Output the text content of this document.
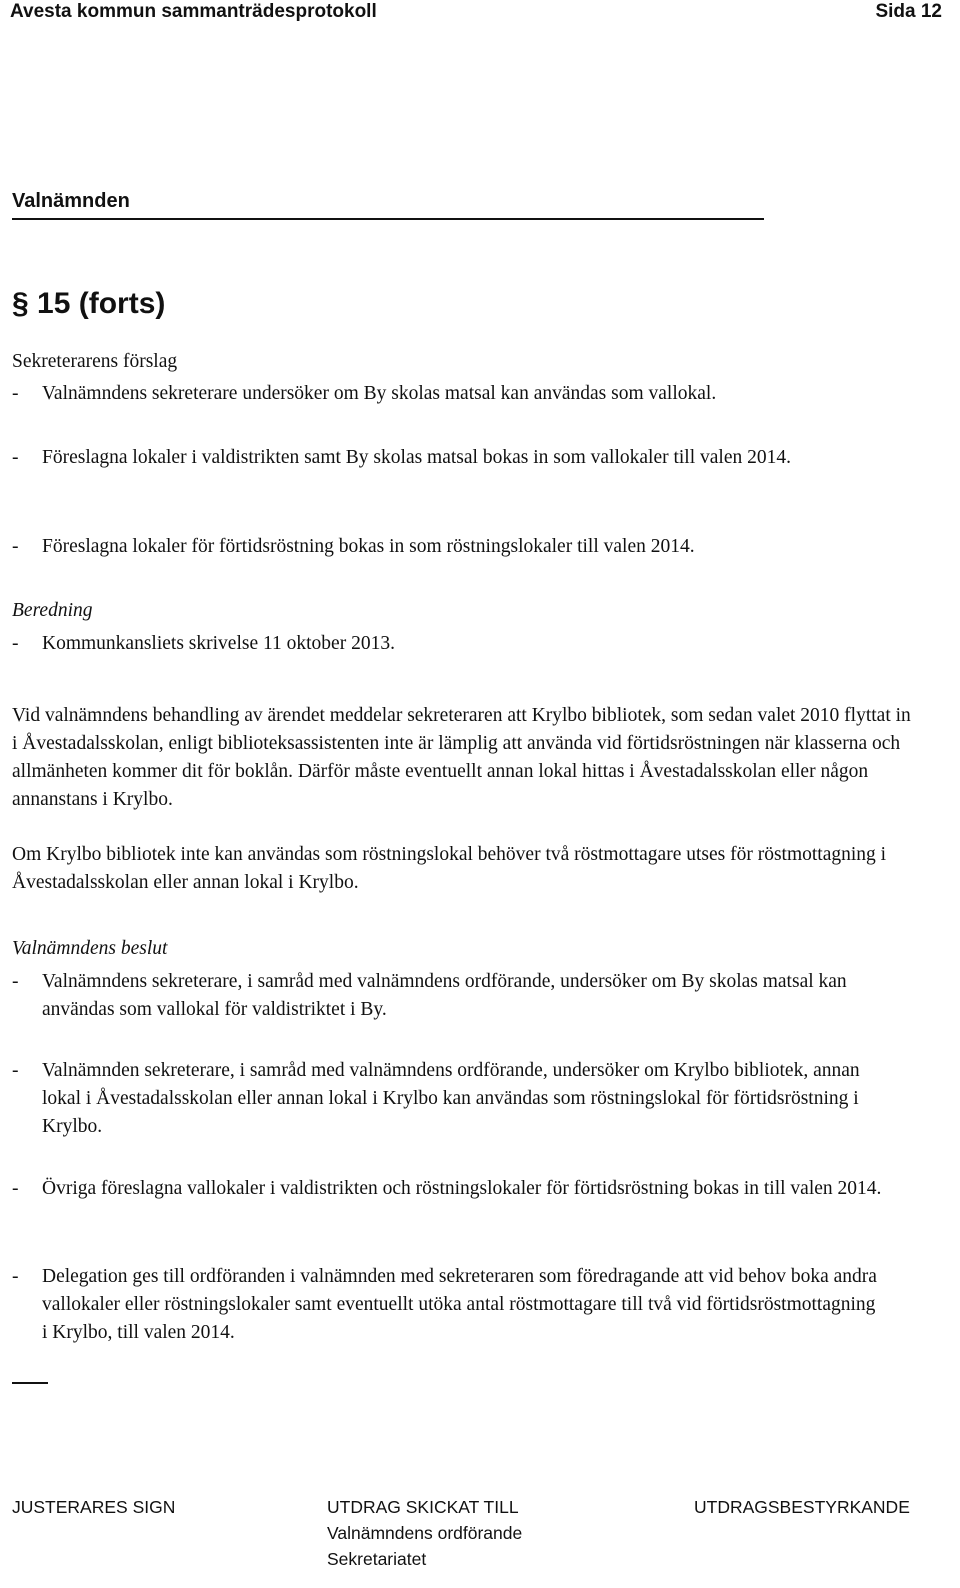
Avesta kommun sammanträdesprotokoll	Sida 12
Valnämnden
§ 15 (forts)
Sekreterarens förslag
- Valnämndens sekreterare undersöker om By skolas matsal kan användas som vallokal.
-	Föreslagna lokaler i valdistrikten samt By skolas matsal bokas in som vallokaler till valen 2014.
- Föreslagna lokaler för förtidsröstning bokas in som röstningslokaler till valen 2014.
Beredning
- Kommunkansliets skrivelse 11 oktober 2013.
Vid valnämndens behandling av ärendet meddelar sekreteraren att Krylbo bibliotek, som sedan valet 2010 flyttat in i Åvestadalsskolan, enligt biblioteksassistenten inte är lämplig att använda vid förtidsröstningen när klasserna och allmänheten kommer dit för boklån. Därför måste eventuellt annan lokal hittas i Åvestadalsskolan eller någon annanstans i Krylbo.
Om Krylbo bibliotek inte kan användas som röstningslokal behöver två röstmottagare utses för röstmottagning i Åvestadalsskolan eller annan lokal i Krylbo.
Valnämndens beslut
- Valnämndens sekreterare, i samråd med valnämndens ordförande, undersöker om By skolas matsal kan användas som vallokal för valdistriktet i By.
- Valnämnden sekreterare, i samråd med valnämndens ordförande, undersöker om Krylbo bibliotek, annan lokal i Åvestadalsskolan eller annan lokal i Krylbo kan användas som röstningslokal för förtidsröstning i Krylbo.
- Övriga föreslagna vallokaler i valdistrikten och röstningslokaler för förtidsröstning bokas in till valen 2014.
- Delegation ges till ordföranden i valnämnden med sekreteraren som föredragande att vid behov boka andra vallokaler eller röstningslokaler samt eventuellt utöka antal röstmottagare till två vid förtidsröstmottagning i Krylbo, till valen 2014.
JUSTERARES SIGN	UTDRAG SKICKAT TILL
Valnämndens ordförande
Sekretariatet
UTDRAGSBESTYRKANDE
